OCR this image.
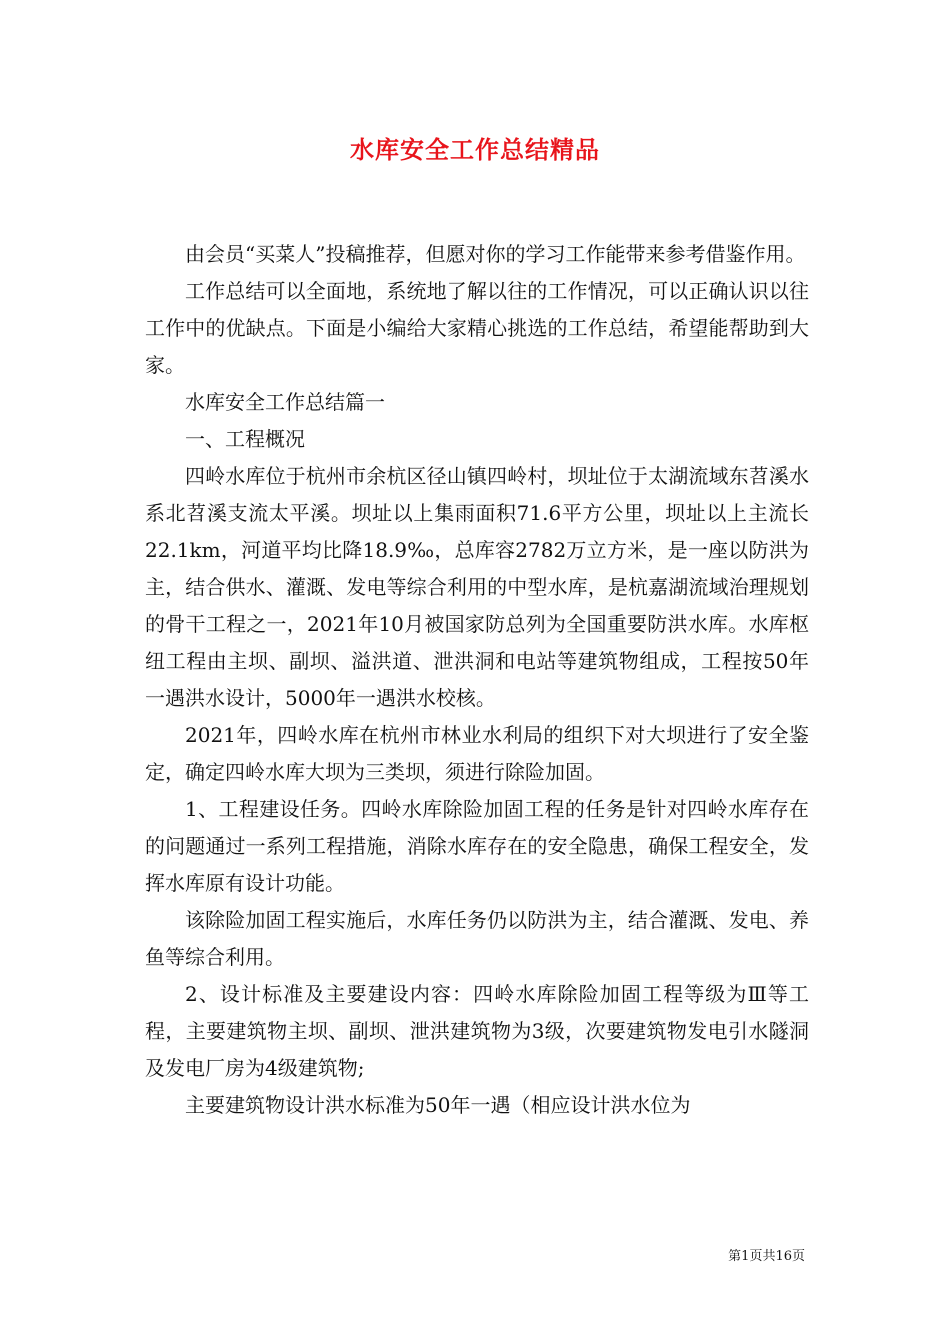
水库安全工作总结精品

由会员“买菜人”投稿推荐，但愿对你的学习工作能带来参考借鉴作用。

工作总结可以全面地，系统地了解以往的工作情况，可以正确认识以往工作中的优缺点。下面是小编给大家精心挑选的工作总结，希望能帮助到大家。

水库安全工作总结篇一

一、工程概况

四岭水库位于杭州市余杭区径山镇四岭村，坝址位于太湖流域东苕溪水系北苕溪支流太平溪。坝址以上集雨面积71.6平方公里，坝址以上主流长22.1km，河道平均比降18.9‰，总库容2782万立方米，是一座以防洪为主，结合供水、灌溉、发电等综合利用的中型水库，是杭嘉湖流域治理规划的骨干工程之一，2021年10月被国家防总列为全国重要防洪水库。水库枢纽工程由主坝、副坝、溢洪道、泄洪洞和电站等建筑物组成，工程按50年一遇洪水设计，5000年一遇洪水校核。

2021年，四岭水库在杭州市林业水利局的组织下对大坝进行了安全鉴定，确定四岭水库大坝为三类坝，须进行除险加固。

1、工程建设任务。四岭水库除险加固工程的任务是针对四岭水库存在的问题通过一系列工程措施，消除水库存在的安全隐患，确保工程安全，发挥水库原有设计功能。

该除险加固工程实施后，水库任务仍以防洪为主，结合灌溉、发电、养鱼等综合利用。

2、设计标准及主要建设内容：四岭水库除险加固工程等级为Ⅲ等工程，主要建筑物主坝、副坝、泄洪建筑物为3级，次要建筑物发电引水隧洞及发电厂房为4级建筑物;

主要建筑物设计洪水标准为50年一遇（相应设计洪水位为

第1页共16页
